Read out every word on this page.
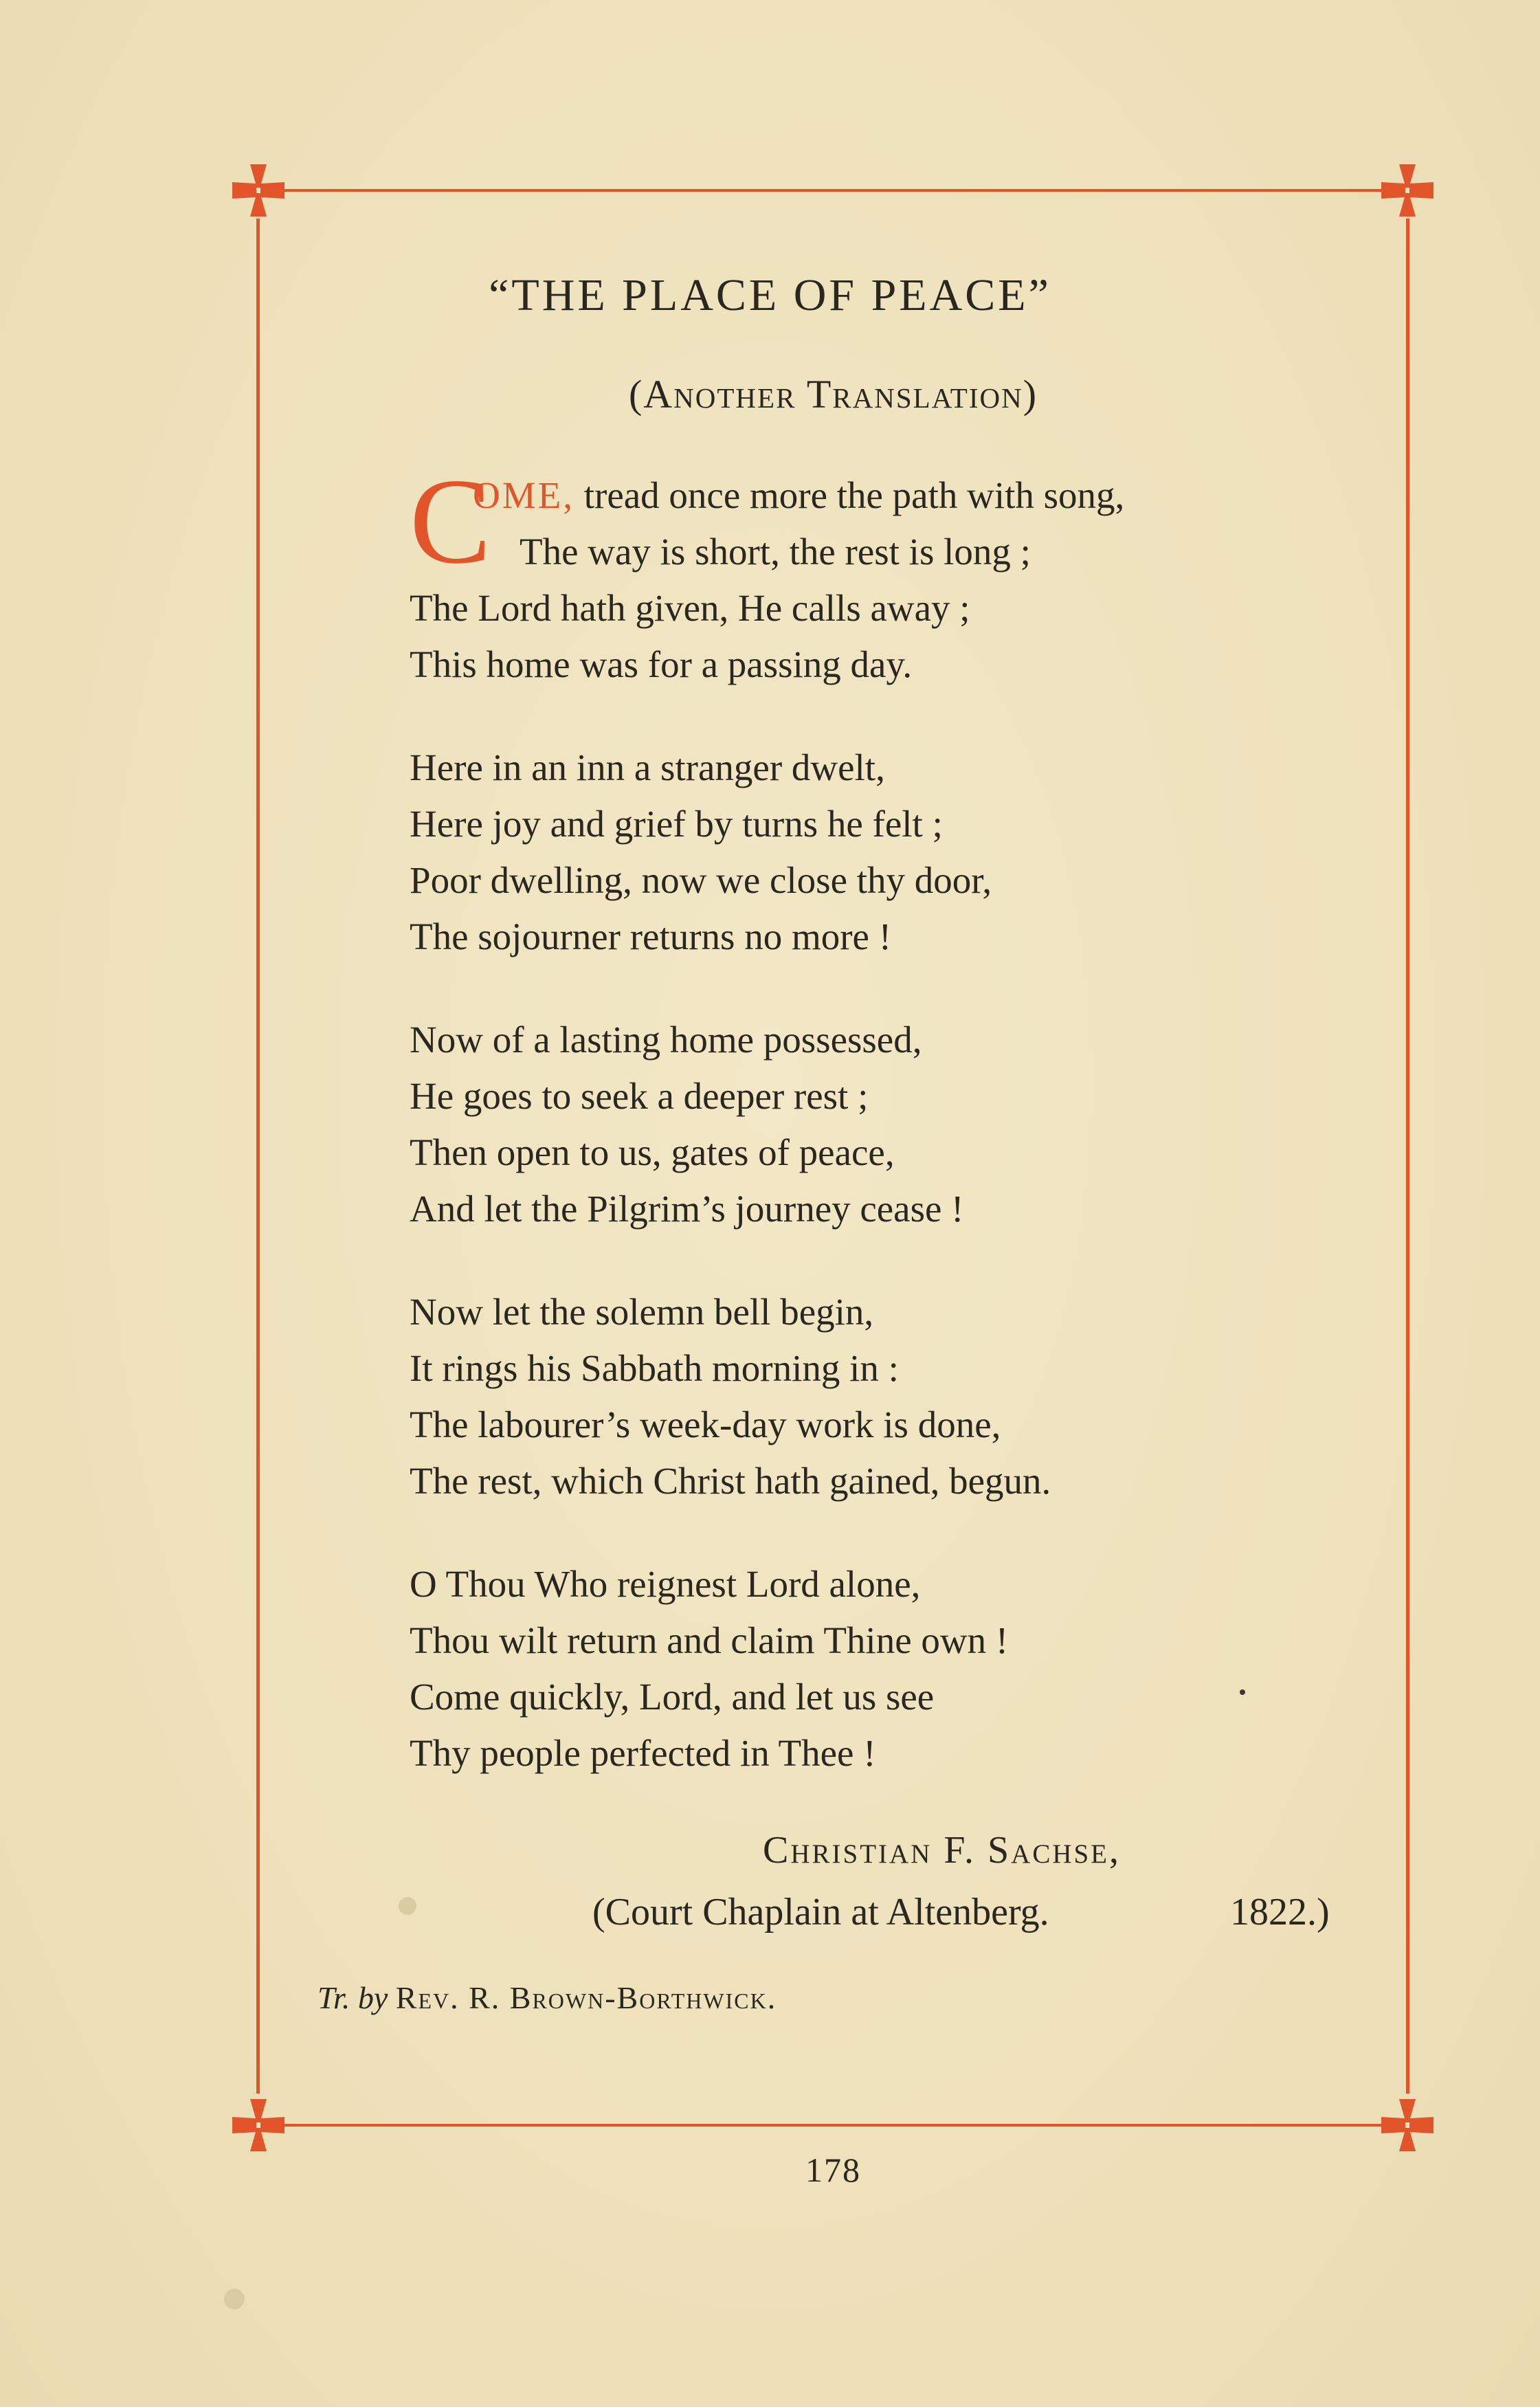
“THE PLACE OF PEACE”
(Another Translation)
C
OME, tread once more the path with song,
The way is short, the rest is long ;
The Lord hath given, He calls away ;
This home was for a passing day.
Here in an inn a stranger dwelt,
Here joy and grief by turns he felt ;
Poor dwelling, now we close thy door,
The sojourner returns no more !
Now of a lasting home possessed,
He goes to seek a deeper rest ;
Then open to us, gates of peace,
And let the Pilgrim’s journey cease !
Now let the solemn bell begin,
It rings his Sabbath morning in :
The labourer’s week-day work is done,
The rest, which Christ hath gained, begun.
O Thou Who reignest Lord alone,
Thou wilt return and claim Thine own !
Come quickly, Lord, and let us see
Thy people perfected in Thee !
Christian F. Sachse,
(Court Chaplain at Altenberg.	1822.)
Tr. by Rev. R. Brown-Borthwick.
178
